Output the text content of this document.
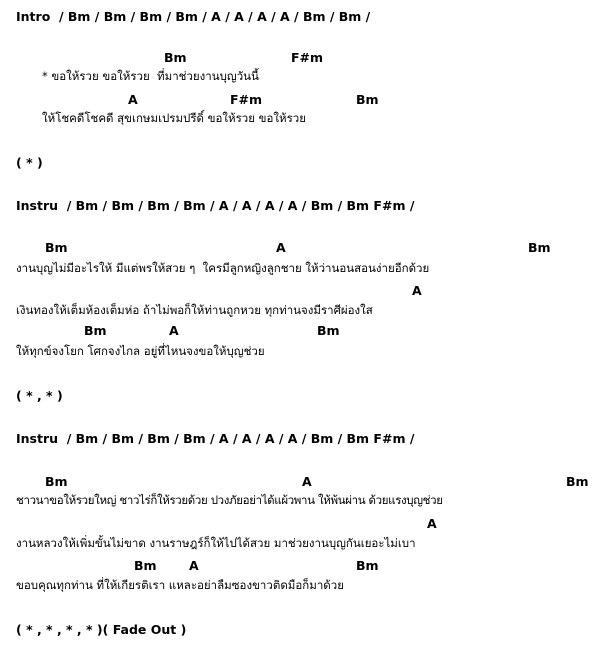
Intro  / Bm / Bm / Bm / Bm / A / A / A / A / Bm / Bm /
Bm	F#m
* ขอให้รวย ขอให้รวย  ที่มาช่วยงานบุญวันนี้
A	F#m	Bm
ให้โชคดีโชคดี สุขเกษมเปรมปรีดิ์ ขอให้รวย ขอให้รวย
( * )
Instru  / Bm / Bm / Bm / Bm / A / A / A / A / Bm / Bm F#m /
Bm	A	Bm
งานบุญไม่มีอะไรให้ มีแต่พรให้สวย ๆ  ใครมีลูกหญิงลูกชาย ให้ว่านอนสอนง่ายอีกด้วย
A
เงินทองให้เต็มห้องเต็มห่อ ถ้าไม่พอก็ให้ท่านถูกหวย ทุกท่านจงมีราศีผ่องใส
Bm	A	Bm
ให้ทุกข์จงโยก โศกจงไกล อยู่ที่ไหนจงขอให้บุญช่วย
( * , * )
Instru  / Bm / Bm / Bm / Bm / A / A / A / A / Bm / Bm F#m /
Bm	A	Bm
ชาวนาขอให้รวยใหญ่ ชาวไร่ก็ให้รวยด้วย ปวงภัยอย่าได้แผ้วพาน ให้พ้นผ่าน ด้วยแรงบุญช่วย
A
งานหลวงให้เพิ่มขั้นไม่ขาด งานราษฎร์ก็ให้ไปได้สวย มาช่วยงานบุญกันเยอะไม่เบา
Bm	A	Bm
ขอบคุณทุกท่าน ที่ให้เกียรติเรา แหละอย่าลืมซองขาวติดมือก็มาด้วย
( * , * , * , * )( Fade Out )
